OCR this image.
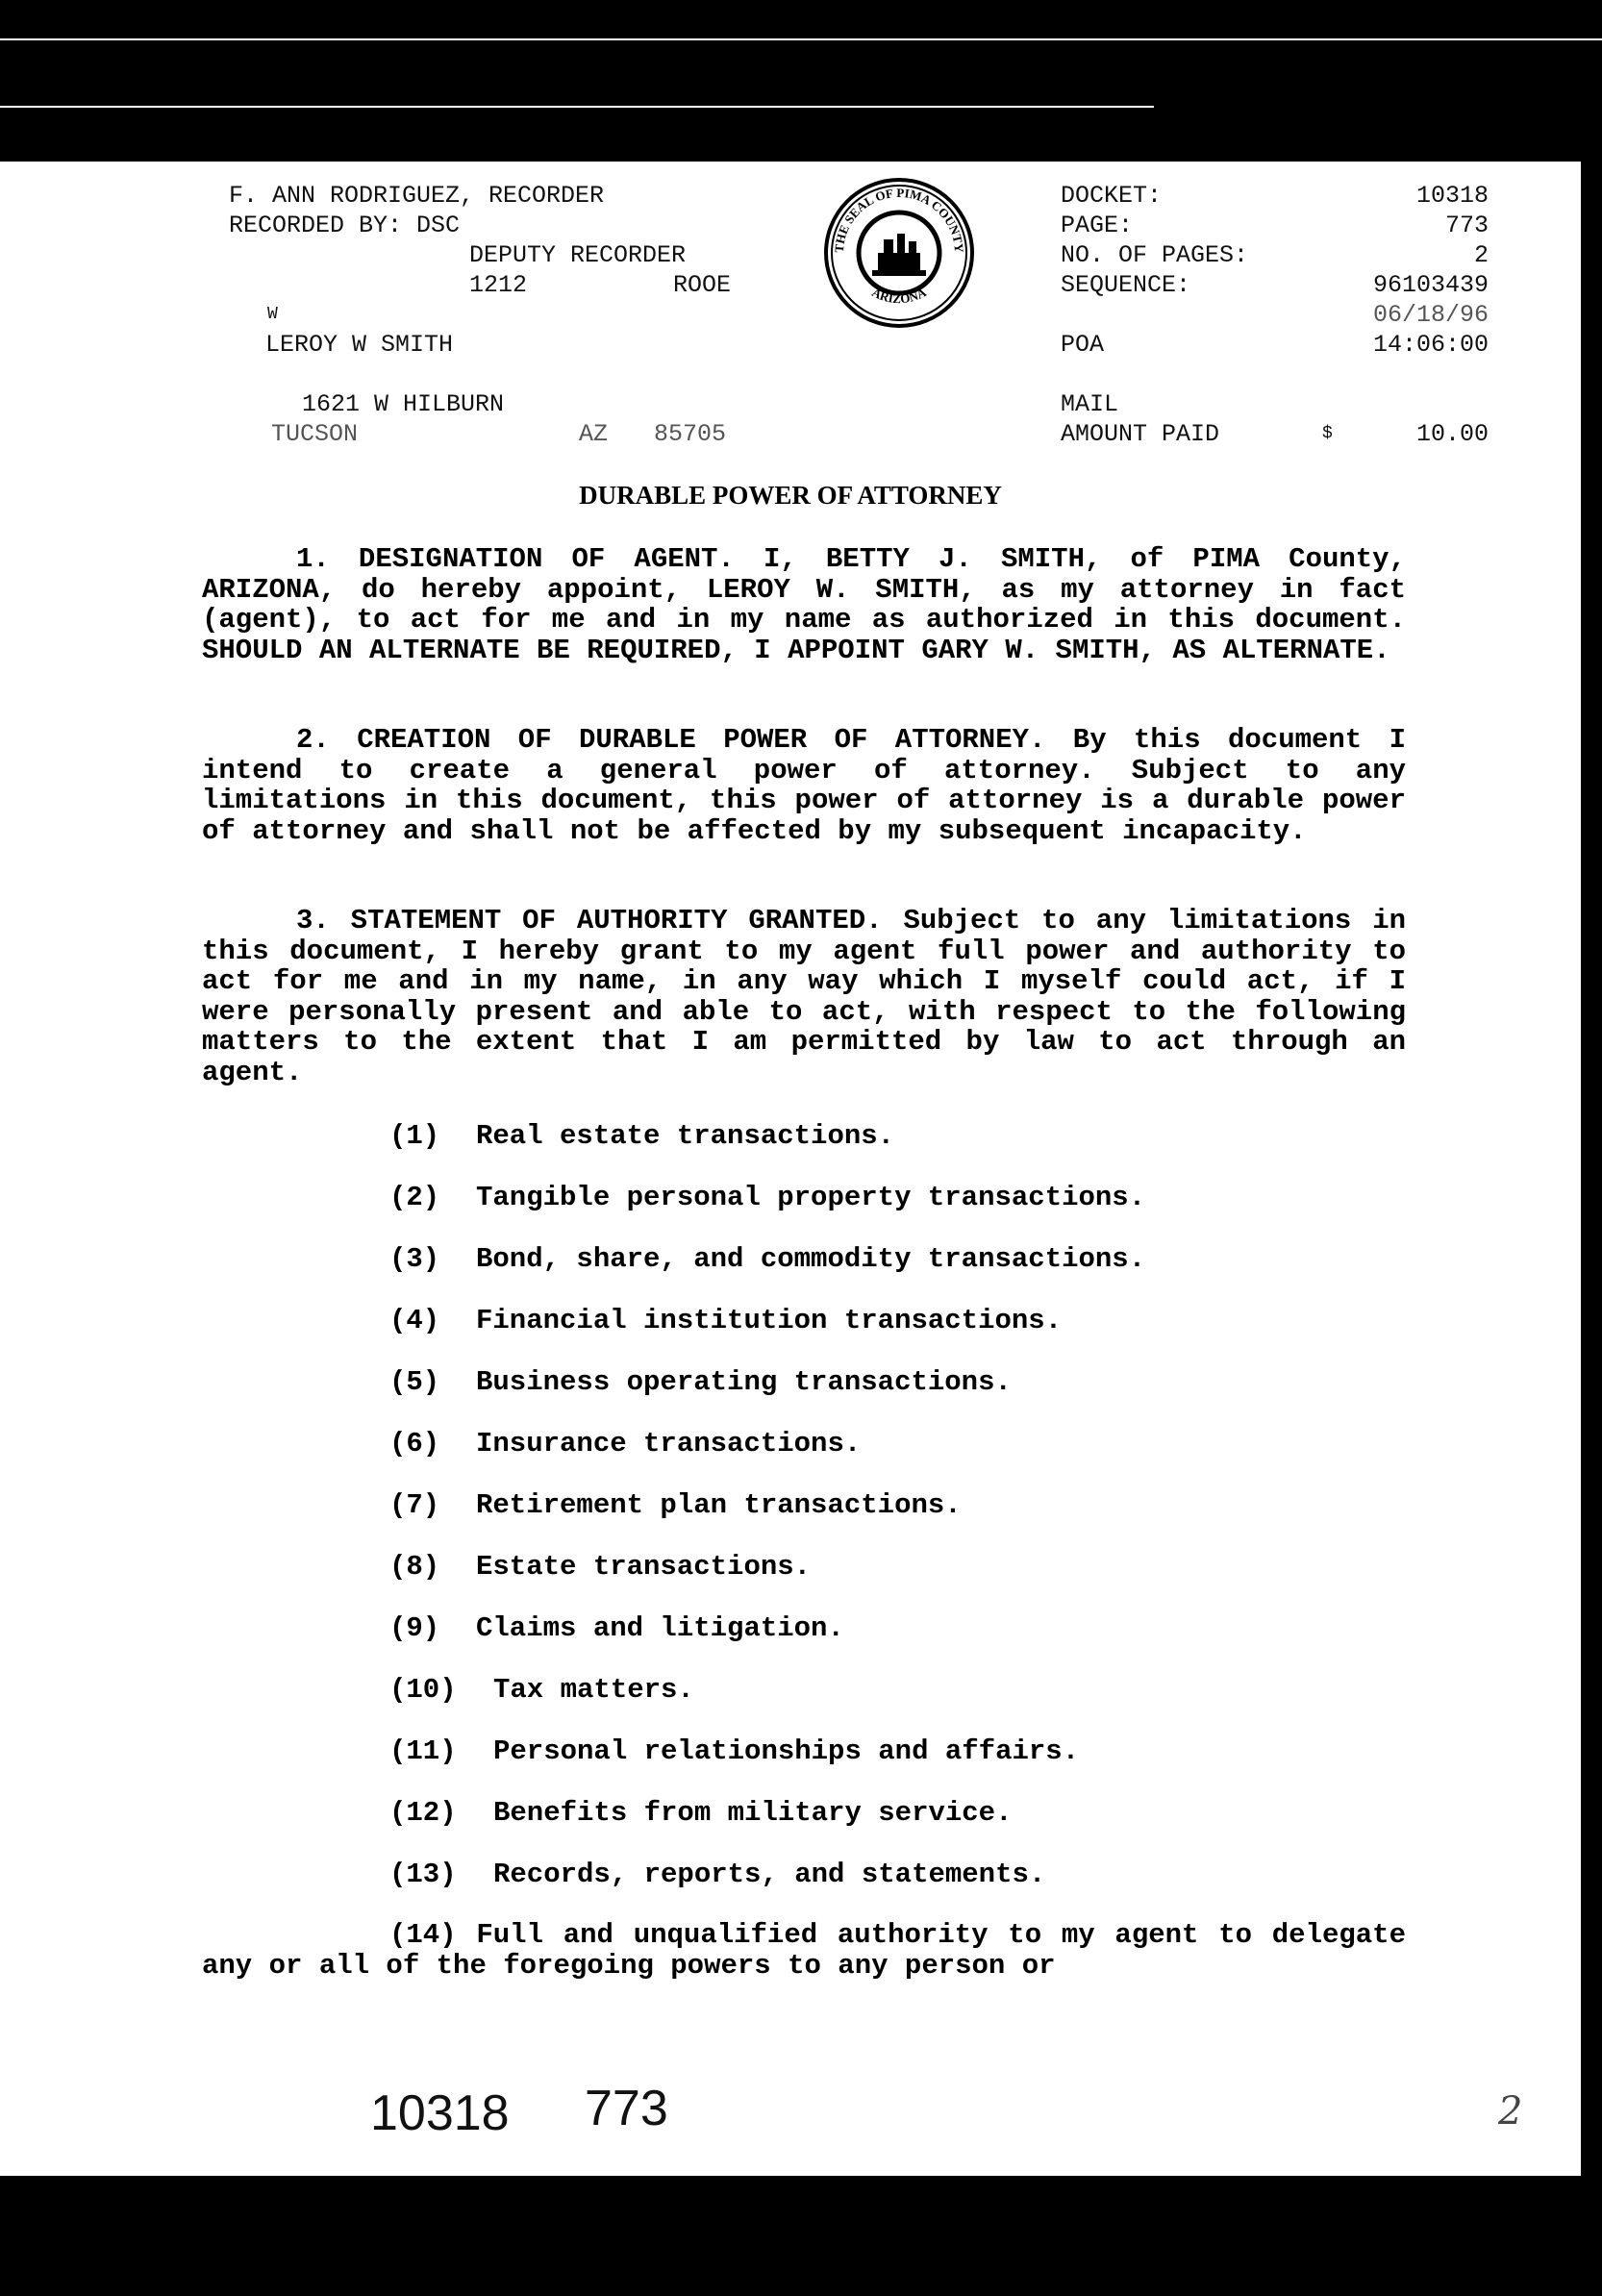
F. ANN RODRIGUEZ, RECORDER
RECORDED BY: DSC
DEPUTY RECORDER
1212	ROOE
W
LEROY W SMITH
1621 W HILBURN
TUCSON	AZ 85705
THE SEAL OF PIMA COUNTY
ARIZONA
DOCKET:	10318
PAGE:	773
NO. OF PAGES:	2
SEQUENCE:	96103439
06/18/96
POA	14:06:00
MAIL
AMOUNT PAID	$	10.00
DURABLE POWER OF ATTORNEY
1. DESIGNATION OF AGENT. I, BETTY J. SMITH, of PIMA County, ARIZONA, do hereby appoint, LEROY W. SMITH, as my attorney in fact (agent), to act for me and in my name as authorized in this document. SHOULD AN ALTERNATE BE REQUIRED, I APPOINT GARY W. SMITH, AS ALTERNATE.
2. CREATION OF DURABLE POWER OF ATTORNEY. By this document I intend to create a general power of attorney. Subject to any limitations in this document, this power of attorney is a durable power of attorney and shall not be affected by my subsequent incapacity.
3. STATEMENT OF AUTHORITY GRANTED. Subject to any limitations in this document, I hereby grant to my agent full power and authority to act for me and in my name, in any way which I myself could act, if I were personally present and able to act, with respect to the following matters to the extent that I am permitted by law to act through an agent.
(1) Real estate transactions.
(2) Tangible personal property transactions.
(3) Bond, share, and commodity transactions.
(4) Financial institution transactions.
(5) Business operating transactions.
(6) Insurance transactions.
(7) Retirement plan transactions.
(8) Estate transactions.
(9) Claims and litigation.
(10) Tax matters.
(11) Personal relationships and affairs.
(12) Benefits from military service.
(13) Records, reports, and statements.
(14) Full and unqualified authority to my agent to delegate any or all of the foregoing powers to any person or
10318 773	2
